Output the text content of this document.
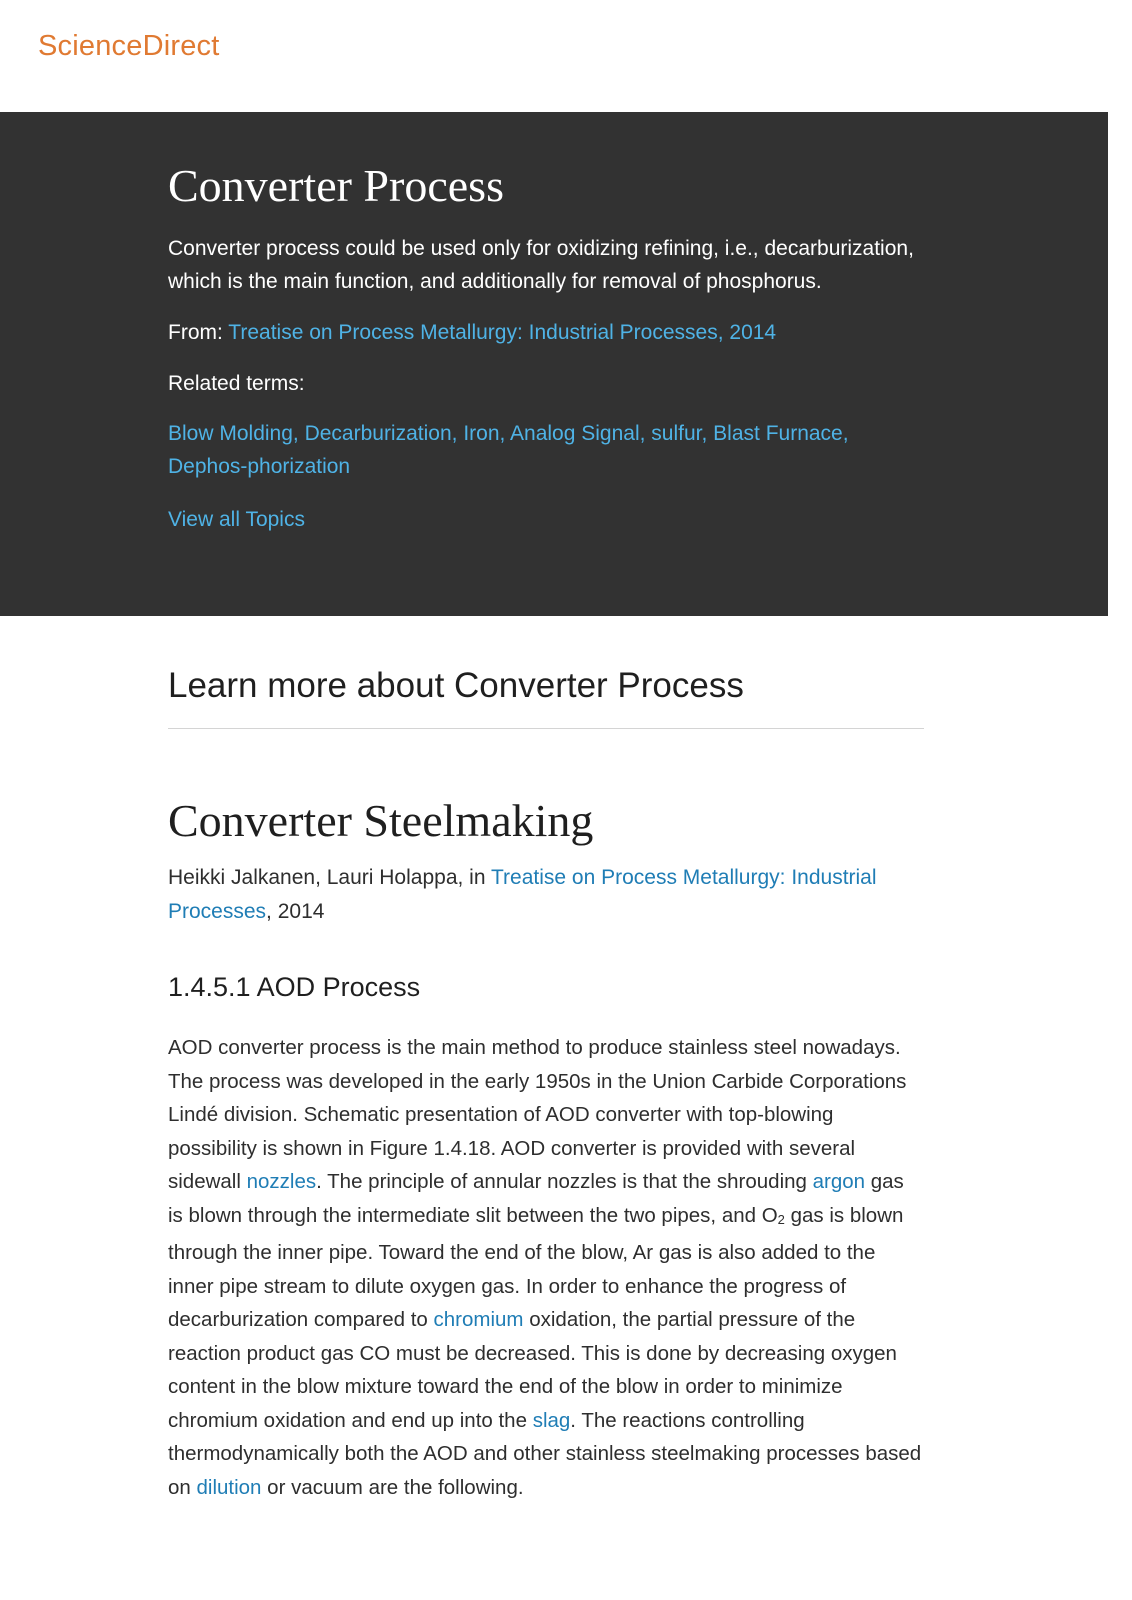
ScienceDirect
Converter Process

Converter process could be used only for oxidizing refining, i.e., decarburization, which is the main function, and additionally for removal of phosphorus.

From: Treatise on Process Metallurgy: Industrial Processes, 2014

Related terms:

Blow Molding, Decarburization, Iron, Analog Signal, sulfur, Blast Furnace, Dephos-phorization

View all Topics

Learn more about Converter Process
Converter Steelmaking

Heikki Jalkanen, Lauri Holappa, in Treatise on Process Metallurgy: Industrial Processes, 2014

1.4.5.1 AOD Process

AOD converter process is the main method to produce stainless steel nowadays. The process was developed in the early 1950s in the Union Carbide Corporations Lindé division. Schematic presentation of AOD converter with top-blowing possibility is shown in Figure 1.4.18. AOD converter is provided with several sidewall nozzles. The principle of annular nozzles is that the shrouding argon gas is blown through the intermediate slit between the two pipes, and O2 gas is blown through the inner pipe. Toward the end of the blow, Ar gas is also added to the inner pipe stream to dilute oxygen gas. In order to enhance the progress of decarburization compared to chromium oxidation, the partial pressure of the reaction product gas CO must be decreased. This is done by decreasing oxygen content in the blow mixture toward the end of the blow in order to minimize chromium oxidation and end up into the slag. The reactions controlling thermodynamically both the AOD and other stainless steelmaking processes based on dilution or vacuum are the following.
